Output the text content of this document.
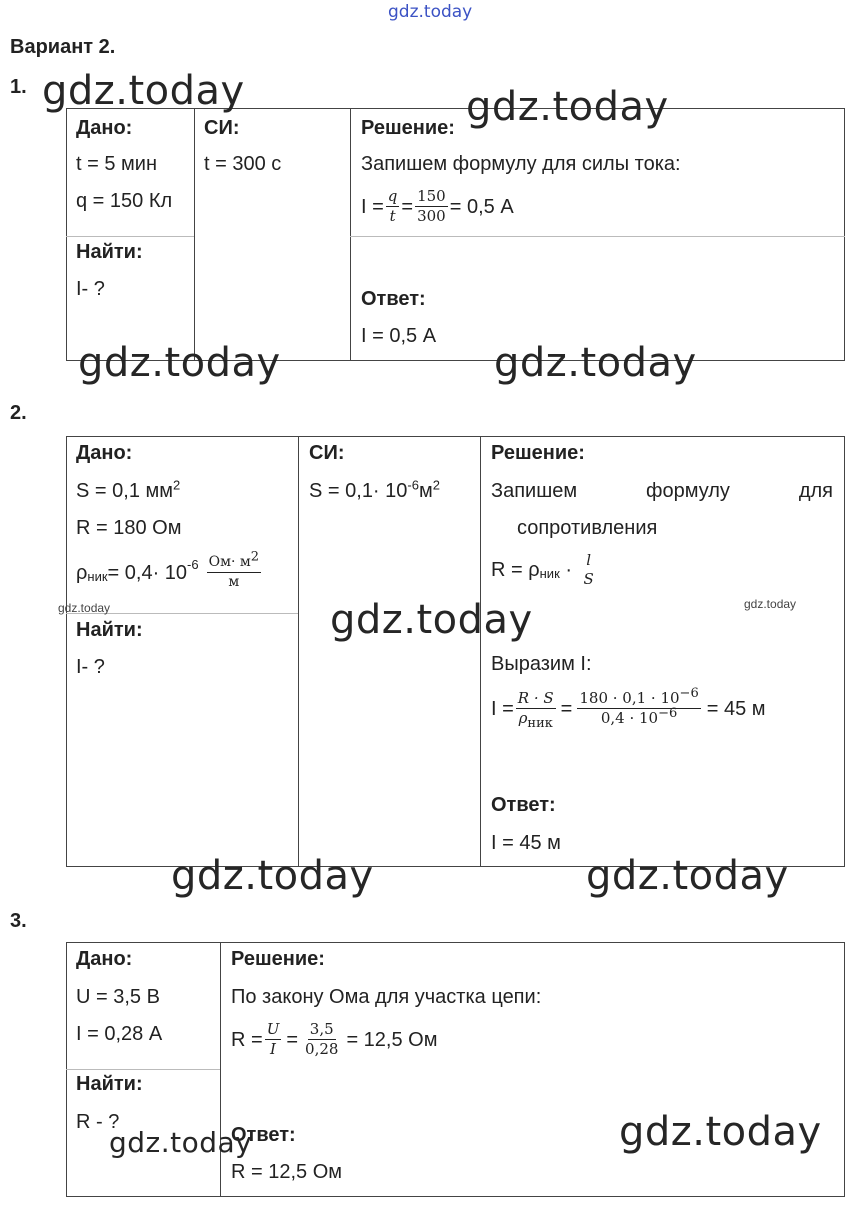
gdz.today
Вариант 2.
1.
Дано:
t = 5 мин
q = 150 Кл
Найти:
I- ?
СИ:
t = 300 с
Решение:
Запишем формулу для силы тока:
$I = \frac{q}{t} = \frac{150}{300} = 0,5$ А
Ответ:
I = 0,5 А
2.
Дано:
S = 0,1 $мм^2$
R = 180 Ом
$\rho_{ник} = 0,4\cdot 10^{-6} \frac{Ом\cdot м^2}{м}$
Найти:
I- ?
СИ:
$S = 0,1\cdot 10^{-6}м^2$
Решение:
Запишем	формулу	для
сопротивления
$R = \rho_{ник} \cdot l$
S
Выразим I:
$I = \frac{R \cdot S}{\rho_{ник}} = \frac{180 \cdot 0,1 \cdot 10^{-6}}{0,4 \cdot 10^{-6}} = 45$ м
Ответ:
I = 45 м
3.
Дано:
U = 3,5 В
I = 0,28 А
Найти:
R - ?
Решение:
По закону Ома для участка цепи:
$R = \frac{U}{I} = \frac{3,5}{0,28} = 12,5$ Ом
Ответ:
R = 12,5 Ом
gdz.today	gdz.today
gdz.today	gdz.today
gdz.today	gdz.today
gdz.today
gdz.today	gdz.today
gdz.today
gdz.today
